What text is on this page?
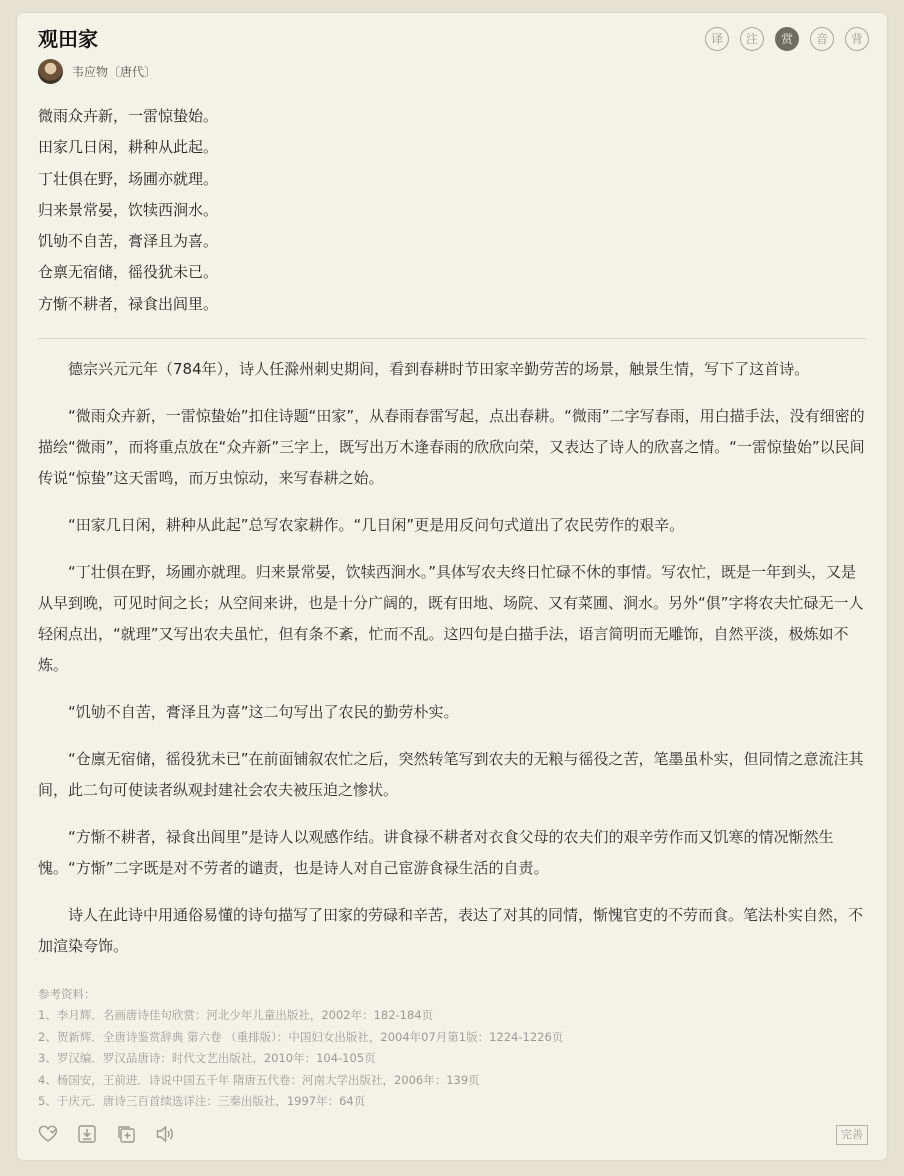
观田家	译	注	赏	音	背
韦应物〔唐代〕

微雨众卉新，一雷惊蛰始。

田家几日闲，耕种从此起。

丁壮俱在野，场圃亦就理。

归来景常晏，饮犊西涧水。

饥劬不自苦，膏泽且为喜。

仓禀无宿储，徭役犹未已。

方惭不耕者，禄食出闾里。

德宗兴元元年（784年），诗人任滁州刺史期间，看到春耕时节田家辛勤劳苦的场景，触景生情，写下了这首诗。

“微雨众卉新，一雷惊蛰始”扣住诗题“田家”，从春雨春雷写起，点出春耕。“微雨”二字写春雨，用白描手法，没有细密的描绘“微雨”，而将重点放在“众卉新”三字上，既写出万木逢春雨的欣欣向荣，又表达了诗人的欣喜之情。“一雷惊蛰始”以民间传说“惊蛰”这天雷鸣，而万虫惊动，来写春耕之始。

“田家几日闲，耕种从此起”总写农家耕作。“几日闲”更是用反问句式道出了农民劳作的艰辛。

“丁壮俱在野，场圃亦就理。归来景常晏，饮犊西涧水。”具体写农夫终日忙碌不休的事情。写农忙，既是一年到头，又是从早到晚，可见时间之长；从空间来讲，也是十分广阔的，既有田地、场院、又有菜圃、涧水。另外“俱”字将农夫忙碌无一人轻闲点出，“就理”又写出农夫虽忙，但有条不紊，忙而不乱。这四句是白描手法，语言简明而无雕饰，自然平淡，极炼如不炼。

“饥劬不自苦，膏泽且为喜”这二句写出了农民的勤劳朴实。

“仓廪无宿储，徭役犹未已”在前面铺叙农忙之后，突然转笔写到农夫的无粮与徭役之苦，笔墨虽朴实，但同情之意流注其间，此二句可使读者纵观封建社会农夫被压迫之惨状。

“方惭不耕者，禄食出闾里”是诗人以观感作结。讲食禄不耕者对衣食父母的农夫们的艰辛劳作而又饥寒的情况惭然生愧。“方惭”二字既是对不劳者的谴责，也是诗人对自己宦游食禄生活的自责。

诗人在此诗中用通俗易懂的诗句描写了田家的劳碌和辛苦，表达了对其的同情，惭愧官吏的不劳而食。笔法朴实自然，不加渲染夸饰。

参考资料：

1、李月辉．名画唐诗佳句欣赏：河北少年儿童出版社，2002年：182-184页

2、贺新辉．全唐诗鉴赏辞典 第六卷 （重排版）：中国妇女出版社，2004年07月第1版：1224-1226页

3、罗汉编．罗汉品唐诗：时代文艺出版社，2010年：104-105页

4、杨国安，王前进．诗说中国五千年 隋唐五代卷：河南大学出版社，2006年：139页

5、于庆元．唐诗三百首续选详注：三秦出版社，1997年：64页

完善
